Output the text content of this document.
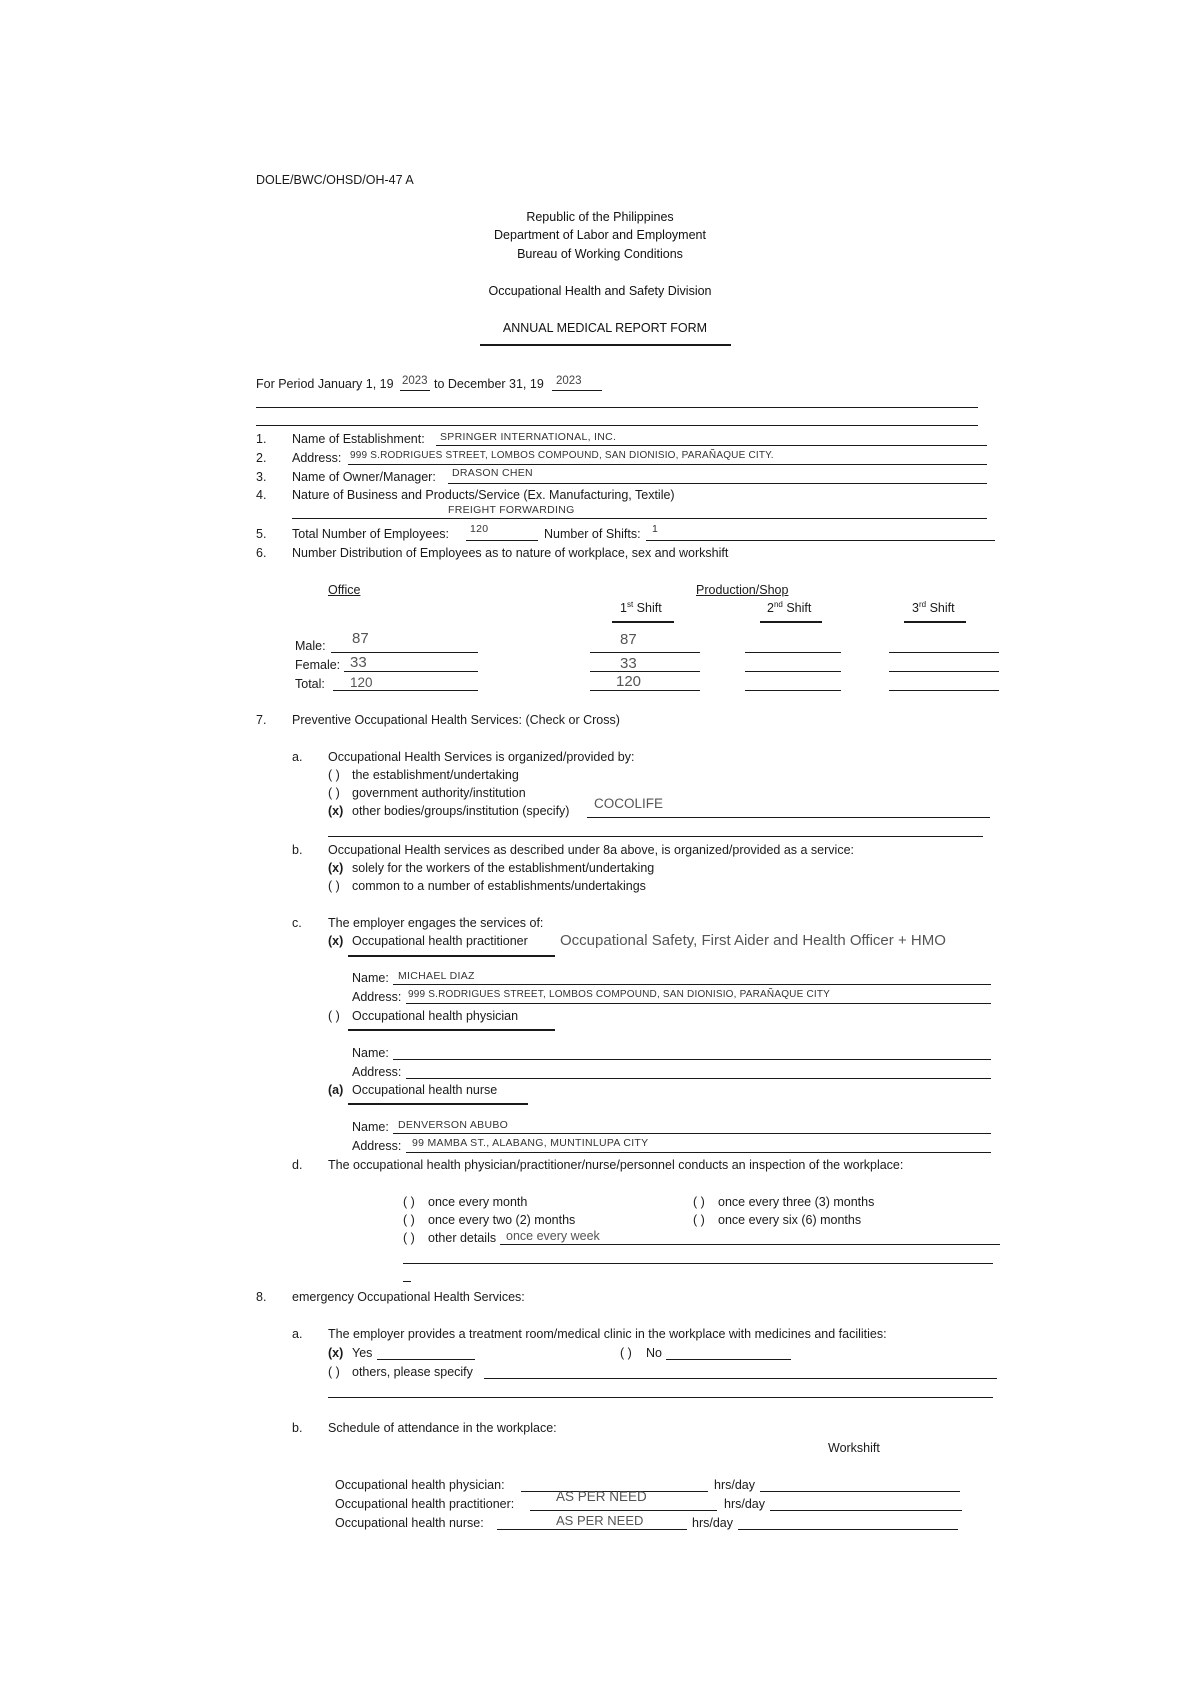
DOLE/BWC/OHSD/OH-47 A
Republic of the Philippines
Department of Labor and Employment
Bureau of Working Conditions
Occupational Health and Safety Division
ANNUAL MEDICAL REPORT FORM
For Period January 1, 19 2023 to December 31, 19 2023
1. Name of Establishment: SPRINGER INTERNATIONAL, INC.
2. Address: 999 S.RODRIGUES STREET, LOMBOS COMPOUND, SAN DIONISIO, PARAÑAQUE CITY.
3. Name of Owner/Manager: DRASON CHEN
4. Nature of Business and Products/Service (Ex. Manufacturing, Textile)
FREIGHT FORWARDING
5. Total Number of Employees: 120	Number of Shifts: 1
6. Number Distribution of Employees as to nature of workplace, sex and workshift
Office	Production/Shop
1st Shift	2nd Shift	3rd Shift
Male: 87	87
Female: 33	33
Total: 120	120
7. Preventive Occupational Health Services: (Check or Cross)
a. Occupational Health Services is organized/provided by:
( ) the establishment/undertaking
( ) government authority/institution
(x) other bodies/groups/institution (specify) COCOLIFE
b. Occupational Health services as described under 8a above, is organized/provided as a service:
(x) solely for the workers of the establishment/undertaking
( ) common to a number of establishments/undertakings
c. The employer engages the services of:
(x) Occupational health practitioner Occupational Safety, First Aider and Health Officer + HMO
Name: MICHAEL DIAZ
Address: 999 S.RODRIGUES STREET, LOMBOS COMPOUND, SAN DIONISIO, PARAÑAQUE CITY
( ) Occupational health physician
Name:
Address:
(a) Occupational health nurse
Name: DENVERSON ABUBO
Address: 99 MAMBA ST., ALABANG, MUNTINLUPA CITY
d. The occupational health physician/practitioner/nurse/personnel conducts an inspection of the workplace:
( ) once every month	( ) once every three (3) months
( ) once every two (2) months	( ) once every six (6) months
( ) other details once every week
8. emergency Occupational Health Services:
a. The employer provides a treatment room/medical clinic in the workplace with medicines and facilities:
(x) Yes	( ) No
( ) others, please specify
b. Schedule of attendance in the workplace:
Workshift
Occupational health physician:	hrs/day
Occupational health practitioner:	AS PER NEED	hrs/day
Occupational health nurse:	AS PER NEED	hrs/day
